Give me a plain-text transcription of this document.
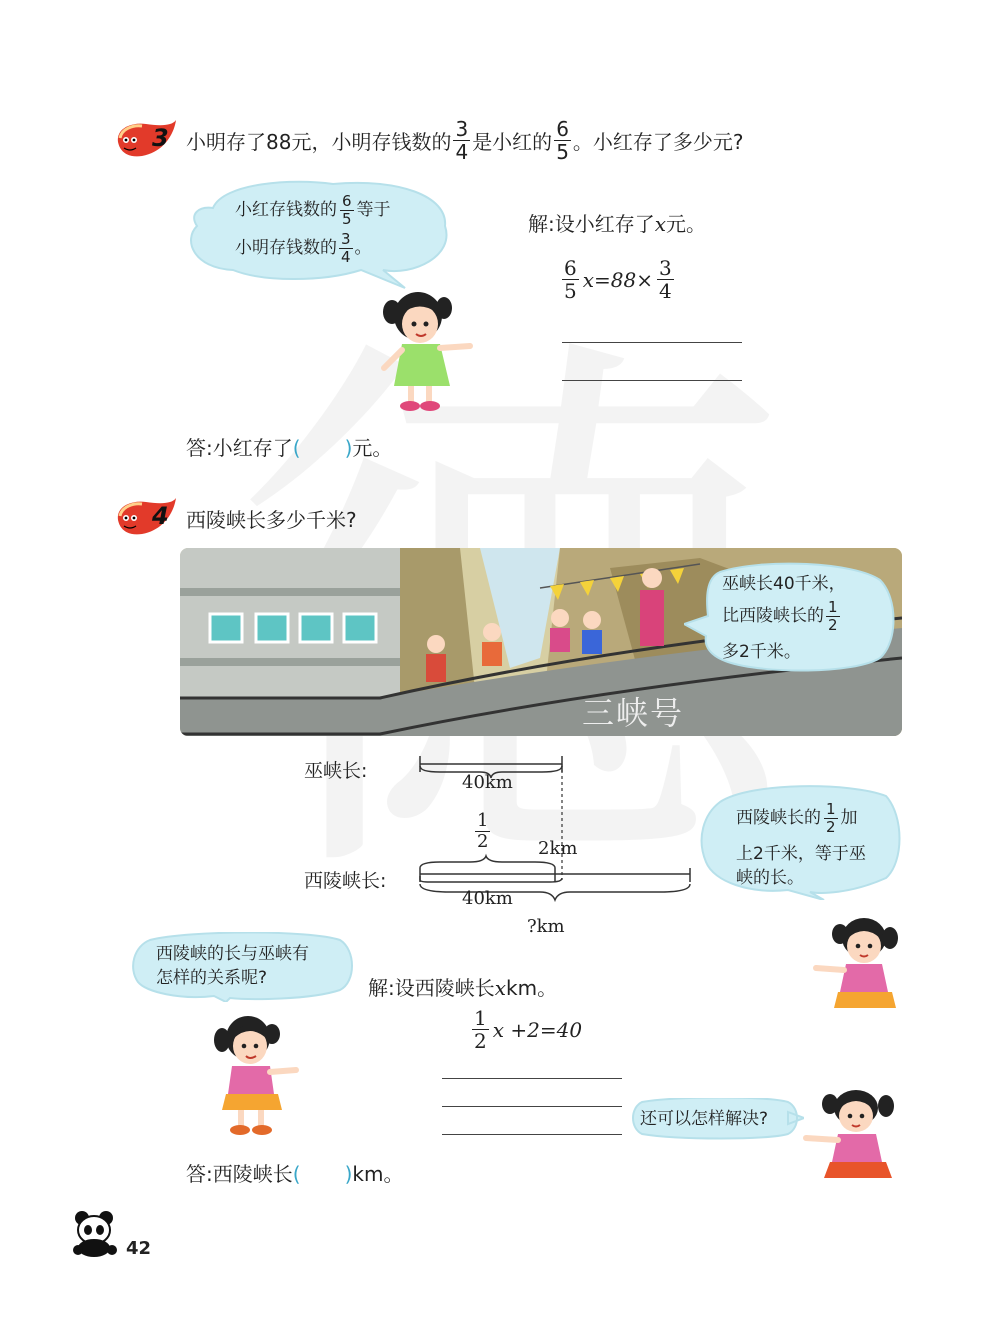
3 小明存了88元，小明存钱数的 $\frac{3}{4}$ 是小红的 $\frac{6}{5}$ 。小红存了多少元?
小红存钱数的 $\frac{6}{5}$ 等于
小明存钱数的 $\frac{3}{4}$ 。
解:设小红存了x元。
$\frac{6}{5} x=88\times \frac{3}{4}$
答:小红存了( )元。
4 西陵峡长多少千米?
三峡号
巫峡长40千米，
比西陵峡长的 $\frac{1}{2}$
多2千米。
巫峡长:
西陵峡长:
40km
$\frac{1}{2}$	2km
40km
?km
西陵峡长的 $\frac{1}{2}$ 加
上2千米，等于巫
峡的长。
西陵峡的长与巫峡有
怎样的关系呢?	解:设西陵峡长xkm。
$\frac{1}{2}$ x +2=40
还可以怎样解决?
答:西陵峡长( )km。
42
